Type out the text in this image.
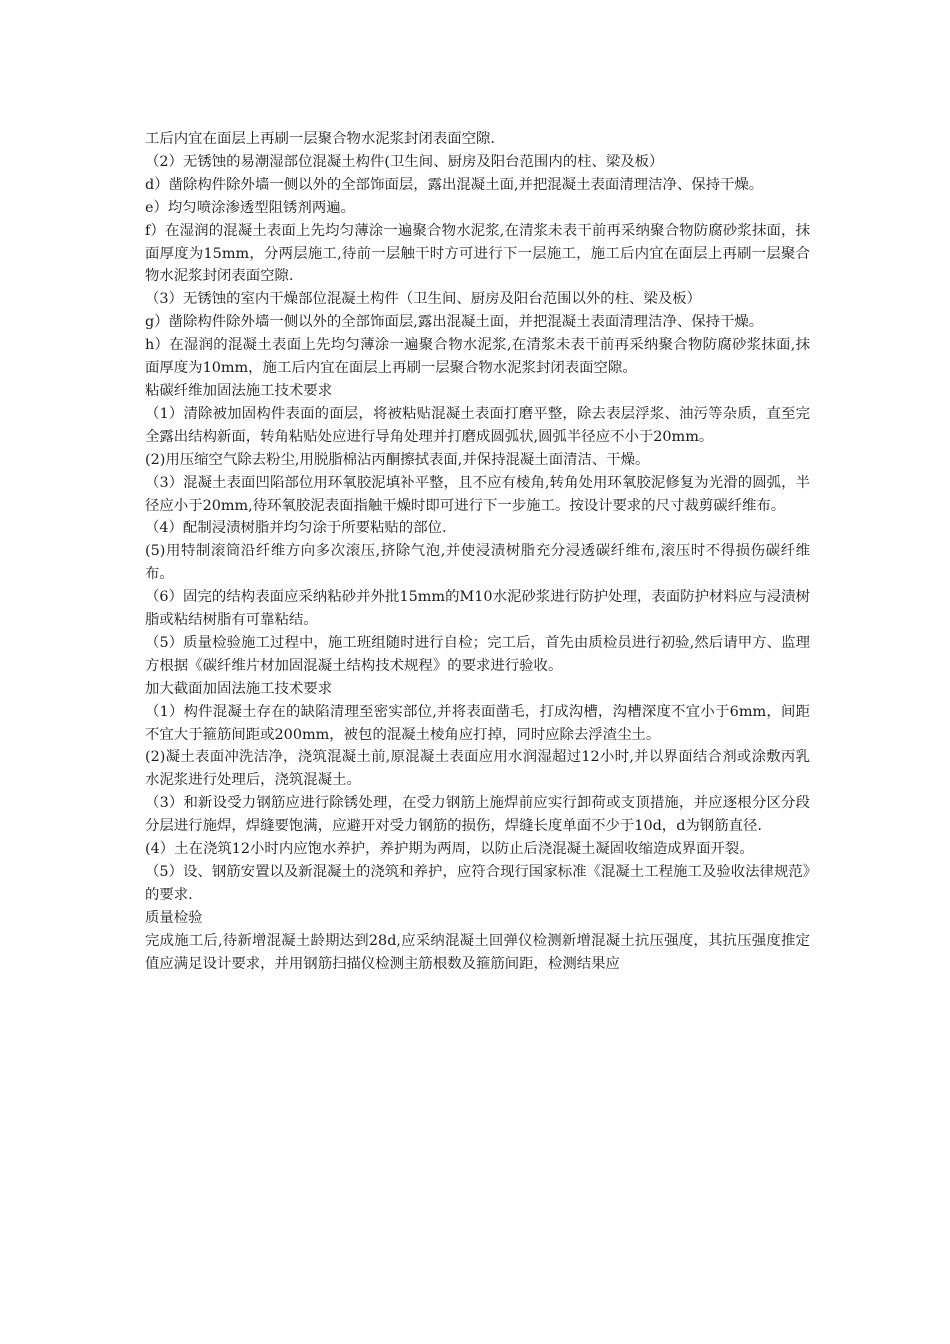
工后内宜在面层上再刷一层聚合物水泥浆封闭表面空隙.

（2）无锈蚀的易潮湿部位混凝土构件(卫生间、厨房及阳台范围内的柱、梁及板）

d）凿除构件除外墙一侧以外的全部饰面层，露出混凝土面,并把混凝土表面清理洁净、保持干燥。

e）均匀喷涂渗透型阻锈剂两遍。

f）在湿润的混凝土表面上先均匀薄涂一遍聚合物水泥浆,在清浆未表干前再采纳聚合物防腐砂浆抹面，抹面厚度为15mm，分两层施工,待前一层触干时方可进行下一层施工，施工后内宜在面层上再刷一层聚合物水泥浆封闭表面空隙.

（3）无锈蚀的室内干燥部位混凝土构件（卫生间、厨房及阳台范围以外的柱、梁及板）

g）凿除构件除外墙一侧以外的全部饰面层,露出混凝土面，并把混凝土表面清理洁净、保持干燥。

h）在湿润的混凝土表面上先均匀薄涂一遍聚合物水泥浆,在清浆未表干前再采纳聚合物防腐砂浆抹面,抹面厚度为10mm，施工后内宜在面层上再刷一层聚合物水泥浆封闭表面空隙。

粘碳纤维加固法施工技术要求

（1）清除被加固构件表面的面层，将被粘贴混凝土表面打磨平整，除去表层浮浆、油污等杂质，直至完全露出结构新面，转角粘贴处应进行导角处理并打磨成圆弧状,圆弧半径应不小于20mm。

(2)用压缩空气除去粉尘,用脱脂棉沾丙酮擦拭表面,并保持混凝土面清洁、干燥。

（3）混凝土表面凹陷部位用环氧胶泥填补平整，且不应有棱角,转角处用环氧胶泥修复为光滑的圆弧，半径应小于20mm,待环氧胶泥表面指触干燥时即可进行下一步施工。按设计要求的尺寸裁剪碳纤维布。

（4）配制浸渍树脂并均匀涂于所要粘贴的部位.

(5)用特制滚筒沿纤维方向多次滚压,挤除气泡,并使浸渍树脂充分浸透碳纤维布,滚压时不得损伤碳纤维布。

（6）固完的结构表面应采纳粘砂并外批15mm的M10水泥砂浆进行防护处理，表面防护材料应与浸渍树脂或粘结树脂有可靠粘结。

（5）质量检验施工过程中，施工班组随时进行自检；完工后，首先由质检员进行初验,然后请甲方、监理方根据《碳纤维片材加固混凝土结构技术规程》的要求进行验收。

加大截面加固法施工技术要求

（1）构件混凝土存在的缺陷清理至密实部位,并将表面凿毛，打成沟槽，沟槽深度不宜小于6mm，间距不宜大于箍筋间距或200mm，被包的混凝土棱角应打掉，同时应除去浮渣尘土。

(2)凝土表面冲洗洁净，浇筑混凝土前,原混凝土表面应用水润湿超过12小时,并以界面结合剂或涂敷丙乳水泥浆进行处理后，浇筑混凝土。

（3）和新设受力钢筋应进行除锈处理，在受力钢筋上施焊前应实行卸荷或支顶措施，并应逐根分区分段分层进行施焊，焊缝要饱满，应避开对受力钢筋的损伤，焊缝长度单面不少于10d，d为钢筋直径.

(4）土在浇筑12小时内应饱水养护，养护期为两周，以防止后浇混凝土凝固收缩造成界面开裂。

（5）设、钢筋安置以及新混凝土的浇筑和养护，应符合现行国家标准《混凝土工程施工及验收法律规范》的要求.

质量检验

完成施工后,待新增混凝土龄期达到28d,应采纳混凝土回弹仪检测新增混凝土抗压强度，其抗压强度推定值应满足设计要求，并用钢筋扫描仪检测主筋根数及箍筋间距，检测结果应
